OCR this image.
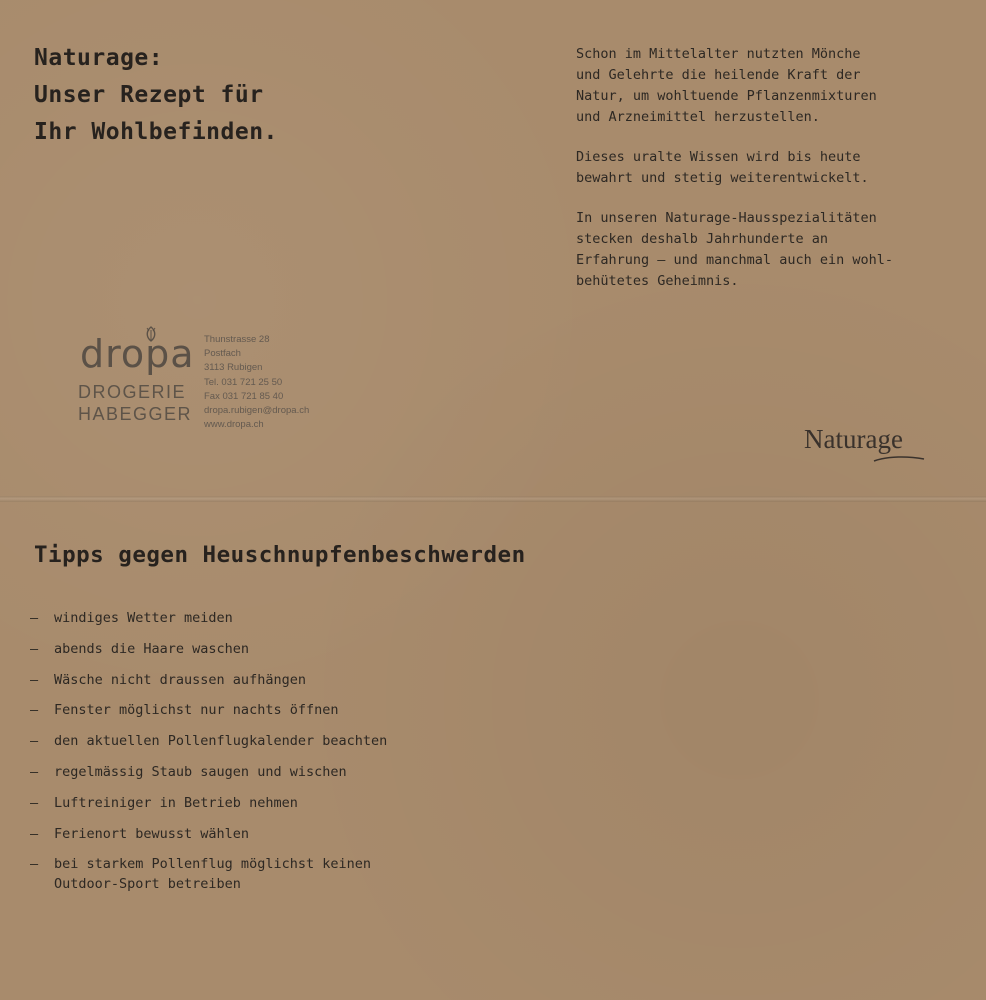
Naturage:
Unser Rezept für
Ihr Wohlbefinden.

Schon im Mittelalter nutzten Mönche
und Gelehrte die heilende Kraft der
Natur, um wohltuende Pflanzenmixturen
und Arzneimittel herzustellen.

Dieses uralte Wissen wird bis heute
bewahrt und stetig weiterentwickelt.

In unseren Naturage-Hausspezialitäten
stecken deshalb Jahrhunderte an
Erfahrung – und manchmal auch ein wohl-
behütetes Geheimnis.

dropa
DROGERIE
HABEGGER
Thunstrasse 28
Postfach
3113 Rubigen
Tel. 031 721 25 50
Fax 031 721 85 40
dropa.rubigen@dropa.ch
www.dropa.ch	Naturage
Tipps gegen Heuschnupfenbeschwerden
– windiges Wetter meiden
– abends die Haare waschen
– Wäsche nicht draussen aufhängen
– Fenster möglichst nur nachts öffnen
– den aktuellen Pollenflugkalender beachten
– regelmässig Staub saugen und wischen
– Luftreiniger in Betrieb nehmen
– Ferienort bewusst wählen
– bei starkem Pollenflug möglichst keinen
Outdoor-Sport betreiben
